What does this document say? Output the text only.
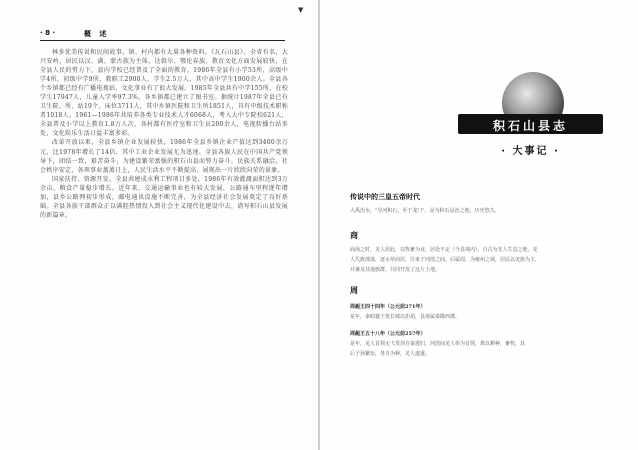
· 8 ·	概 述

林多优美传说和民间故事，镇、村内都有大量各种资料。《瓦石山县》，全省有名，大兴安岭，居民以汉、满、蒙古族为主体，达斡尔、鄂伦春族，教育文化方面发展较快，在全县人民的努力下，县内学校已经普及了全面的教育。1986年全县有小学53所，高级中学4所，初级中学9所，教职工2900人，学生2.5万人，其中高中学生1900余人。全县各个乡镇都已经有广播电视站，文化事业有了很大发展。1985年全县共有中学155所，在校学生17947人，儿童入学率97.3%，各乡镇都已建立了图书室。据统计1987年全县已有卫生院、所、站19个，床位3711人，其中乡镇医院和卫生所1851人，具有中级技术职称者1018人。1961—1986年共培养各类专业技术人才6068人，考入大中专院校621人，全县普及小学以上教育1.8万人次，各村都有医疗室和卫生员200余人，电视转播台站多处，文化娱乐生活日益丰富多彩。

改革开放以来，全县乡镇企业发展较快，1986年全县乡镇企业产值达到3400余万元，比1978年增长了14倍，其中工业企业发展尤为迅速。全县各族人民在中国共产党领导下，团结一致，艰苦奋斗，为建设繁荣富强的积石山县而努力奋斗。民族关系融洽，社会秩序安定，各项事业蒸蒸日上，人民生活水平不断提高，展现出一片欣欣向荣的景象。

国家扶持，资源开发，全县共建成水利工程项目多处，1986年有效灌溉面积达到3万余亩，粮食产量稳步增长。近年来，交通运输事业也有较大发展，公路通车里程逐年增加，县乡公路网初步形成，邮电通讯设施不断完善，为全县经济社会发展奠定了良好基础。全县各族干部群众正以满腔热情投入到社会主义现代化建设中去，谱写积石山县发展的新篇章。

▼
积石山县志
· 大事记 ·
传说中的三皇五帝时代
大禹治水，"导河积石，至于龙门"。是为积石县治之地，历史悠久。
商
商汤之时，羌人居此，以牧畜为业，居处不定（今县境内）。自古为羌人生息之地，羌
人氏族部落，逐水草而居，往来于河湟之间。后属周，为雍州之域，居民以羌族为主，
并兼及其他族群，共同开发了这片土地。
周
周赧王四十四年（公元前271年）
是年，秦昭襄王筑长城以拒胡，县境属秦陇西郡。
周赧王五十八年（公元前257年）
是年，羌人首领无弋爰剑自秦逃归，河湟间羌人奉为首领，教以耕种，畜牧，其
后子孙繁衍，各自为种，羌人遂盛。
